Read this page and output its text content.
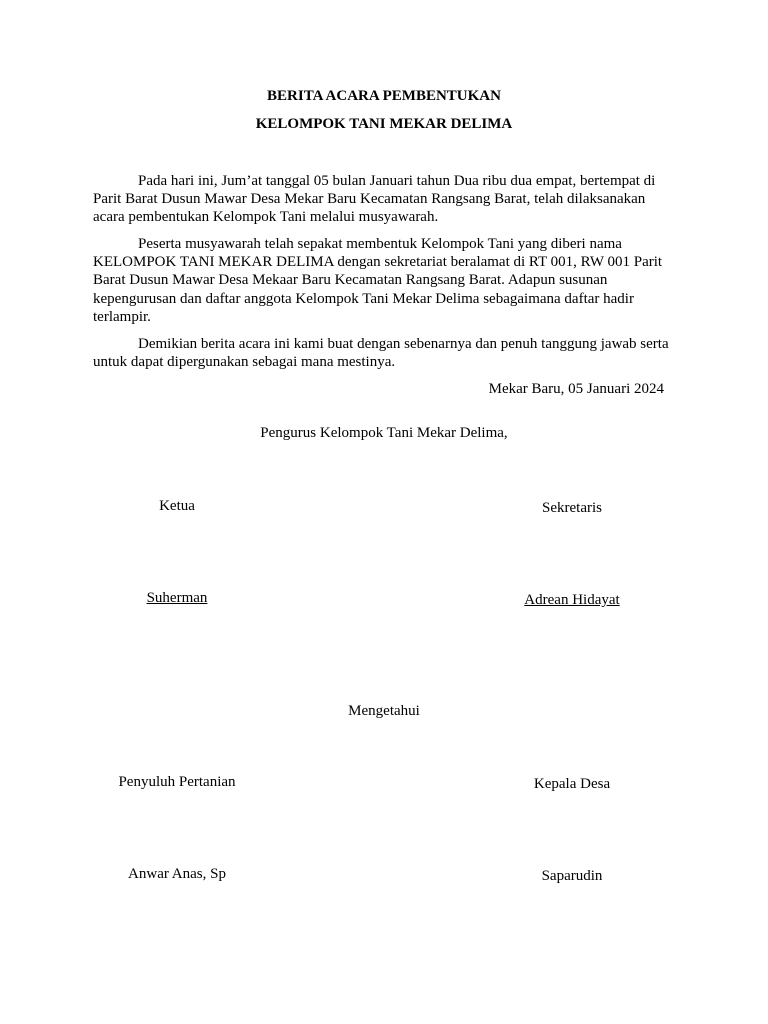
BERITA ACARA PEMBENTUKAN

KELOMPOK TANI MEKAR DELIMA

Pada hari ini, Jum’at tanggal 05 bulan Januari tahun Dua ribu dua empat, bertempat di Parit Barat Dusun Mawar Desa Mekar Baru Kecamatan Rangsang Barat, telah dilaksanakan acara pembentukan Kelompok Tani melalui musyawarah.

Peserta musyawarah telah sepakat membentuk Kelompok Tani yang diberi nama KELOMPOK TANI MEKAR DELIMA dengan sekretariat beralamat di RT 001, RW 001 Parit Barat Dusun Mawar Desa Mekaar Baru Kecamatan Rangsang Barat. Adapun susunan kepengurusan dan daftar anggota Kelompok Tani Mekar Delima sebagaimana daftar hadir terlampir.

Demikian berita acara ini kami buat dengan sebenarnya dan penuh tanggung jawab serta untuk dapat dipergunakan sebagai mana mestinya.

Mekar Baru, 05 Januari 2024

Pengurus Kelompok Tani Mekar Delima,

Ketua	Sekretaris

Suherman	Adrean Hidayat

Mengetahui

Penyuluh Pertanian	Kepala Desa

Anwar Anas, Sp	Saparudin
